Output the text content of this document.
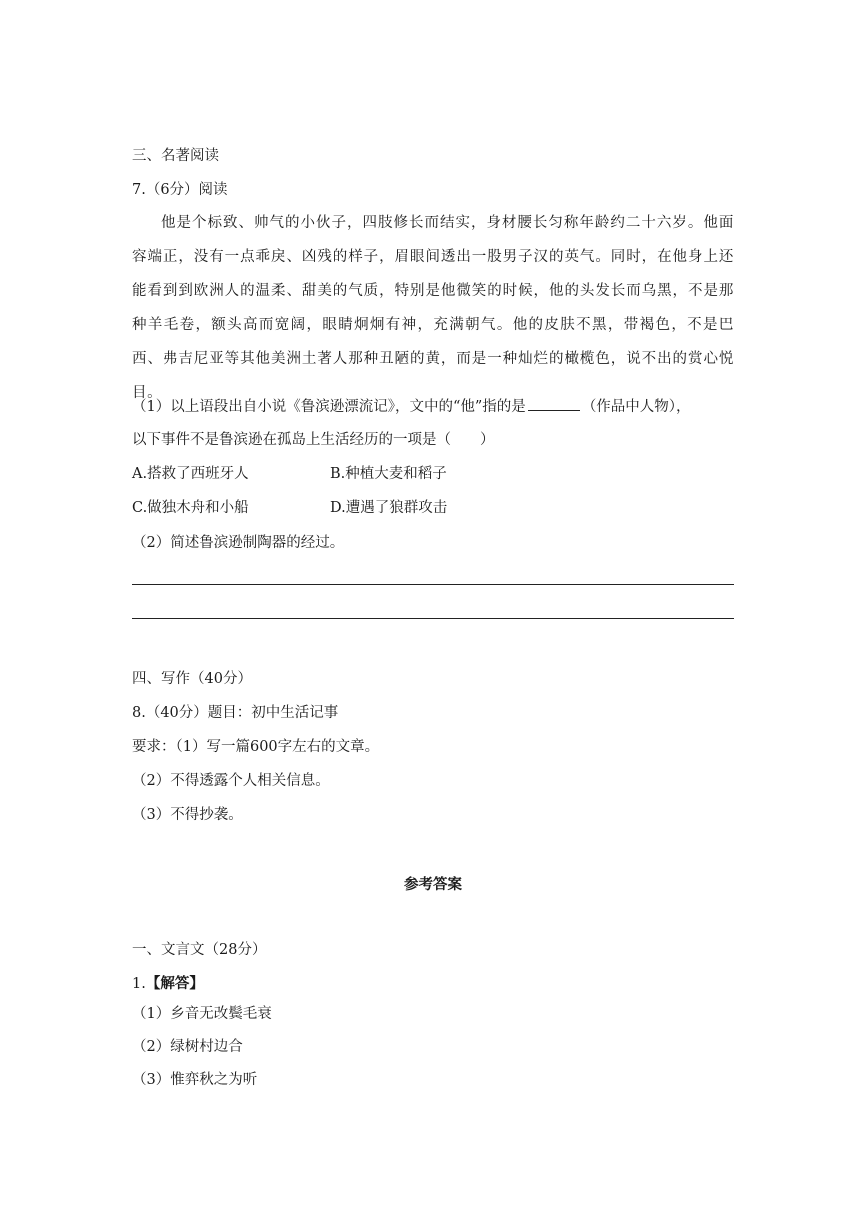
三、名著阅读
7.（6分）阅读
他是个标致、帅气的小伙子，四肢修长而结实，身材腰长匀称年龄约二十六岁。他面容端正，没有一点乖戾、凶残的样子，眉眼间透出一股男子汉的英气。同时，在他身上还能看到到欧洲人的温柔、甜美的气质，特别是他微笑的时候，他的头发长而乌黑，不是那种羊毛卷，额头高而宽阔，眼睛炯炯有神，充满朝气。他的皮肤不黑，带褐色，不是巴西、弗吉尼亚等其他美洲土著人那种丑陋的黄，而是一种灿烂的橄榄色，说不出的赏心悦目。
（1）以上语段出自小说《鲁滨逊漂流记》，文中的“他”指的是	（作品中人物），
以下事件不是鲁滨逊在孤岛上生活经历的一项是（　　）
A.搭救了西班牙人	B.种植大麦和稻子
C.做独木舟和小船	D.遭遇了狼群攻击
（2）简述鲁滨逊制陶器的经过。
四、写作（40分）
8.（40分）题目：初中生活记事
要求：（1）写一篇600字左右的文章。
（2）不得透露个人相关信息。
（3）不得抄袭。
参考答案
一、文言文（28分）
1.【解答】
（1）乡音无改鬓毛衰
（2）绿树村边合
（3）惟弈秋之为听
